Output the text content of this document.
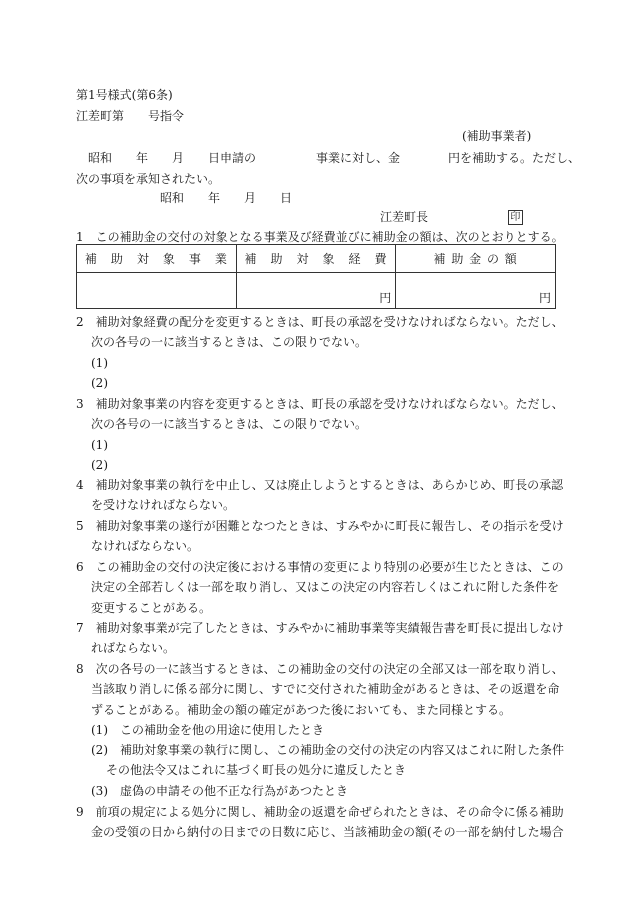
第1号様式(第6条)
江差町第　　号指令
(補助事業者)
昭和　　年　　月　　日申請の　　　　　事業に対し、金　　　　円を補助する。ただし、
次の事項を承知されたい。
昭和　　年　　月　　日
江差町長	印
1　この補助金の交付の対象となる事業及び経費並びに補助金の額は、次のとおりとする。
補　助　対　象　事　業	補　助　対　象　経　費	補 助 金 の 額
	円	円
2　補助対象経費の配分を変更するときは、町長の承認を受けなければならない。ただし、
次の各号の一に該当するときは、この限りでない。
(1)
(2)
3　補助対象事業の内容を変更するときは、町長の承認を受けなければならない。ただし、
次の各号の一に該当するときは、この限りでない。
(1)
(2)
4　補助対象事業の執行を中止し、又は廃止しようとするときは、あらかじめ、町長の承認
を受けなければならない。
5　補助対象事業の遂行が困難となつたときは、すみやかに町長に報告し、その指示を受け
なければならない。
6　この補助金の交付の決定後における事情の変更により特別の必要が生じたときは、この
決定の全部若しくは一部を取り消し、又はこの決定の内容若しくはこれに附した条件を
変更することがある。
7　補助対象事業が完了したときは、すみやかに補助事業等実績報告書を町長に提出しなけ
ればならない。
8　次の各号の一に該当するときは、この補助金の交付の決定の全部又は一部を取り消し、
当該取り消しに係る部分に関し、すでに交付された補助金があるときは、その返還を命
ずることがある。補助金の額の確定があつた後においても、また同様とする。
(1)　この補助金を他の用途に使用したとき
(2)　補助対象事業の執行に関し、この補助金の交付の決定の内容又はこれに附した条件
その他法令又はこれに基づく町長の処分に違反したとき
(3)　虚偽の申請その他不正な行為があつたとき
9　前項の規定による処分に関し、補助金の返還を命ぜられたときは、その命令に係る補助
金の受領の日から納付の日までの日数に応じ、当該補助金の額(その一部を納付した場合
